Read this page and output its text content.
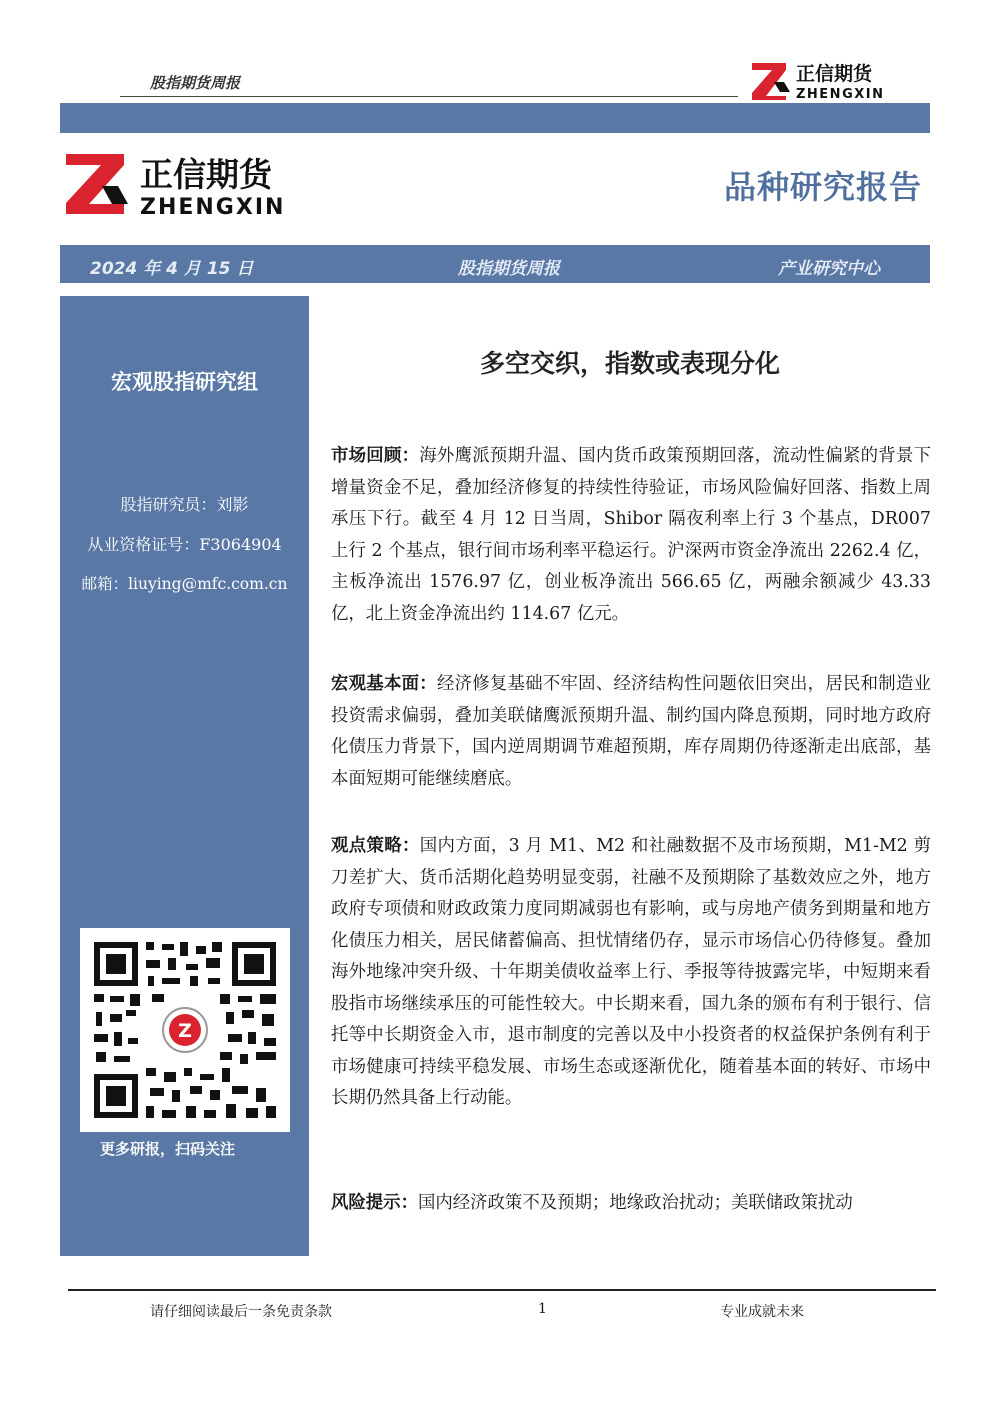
股指期货周报	正信期货
ZHENGXIN
正信期货
ZHENGXIN
品种研究报告
2024 年 4 月 15 日	股指期货周报	产业研究中心
宏观股指研究组
股指研究员：刘影
从业资格证号：F3064904
邮箱：liuying@mfc.com.cn
Z
更多研报，扫码关注
多空交织，指数或表现分化
市场回顾：海外鹰派预期升温、国内货币政策预期回落，流动性偏紧的背景下增量资金不足，叠加经济修复的持续性待验证，市场风险偏好回落、指数上周承压下行。截至 4 月 12 日当周，Shibor 隔夜利率上行 3 个基点，DR007 上行 2 个基点，银行间市场利率平稳运行。沪深两市资金净流出 2262.4 亿，主板净流出 1576.97 亿，创业板净流出 566.65 亿，两融余额减少 43.33 亿，北上资金净流出约 114.67 亿元。
宏观基本面：经济修复基础不牢固、经济结构性问题依旧突出，居民和制造业投资需求偏弱，叠加美联储鹰派预期升温、制约国内降息预期，同时地方政府化债压力背景下，国内逆周期调节难超预期，库存周期仍待逐渐走出底部，基本面短期可能继续磨底。
观点策略：国内方面，3 月 M1、M2 和社融数据不及市场预期，M1-M2 剪刀差扩大、货币活期化趋势明显变弱，社融不及预期除了基数效应之外，地方政府专项债和财政政策力度同期减弱也有影响，或与房地产债务到期量和地方化债压力相关，居民储蓄偏高、担忧情绪仍存，显示市场信心仍待修复。叠加海外地缘冲突升级、十年期美债收益率上行、季报等待披露完毕，中短期来看股指市场继续承压的可能性较大。中长期来看，国九条的颁布有利于银行、信托等中长期资金入市，退市制度的完善以及中小投资者的权益保护条例有利于市场健康可持续平稳发展、市场生态或逐渐优化，随着基本面的转好、市场中长期仍然具备上行动能。
风险提示：国内经济政策不及预期；地缘政治扰动；美联储政策扰动
请仔细阅读最后一条免责条款	1	专业成就未来
